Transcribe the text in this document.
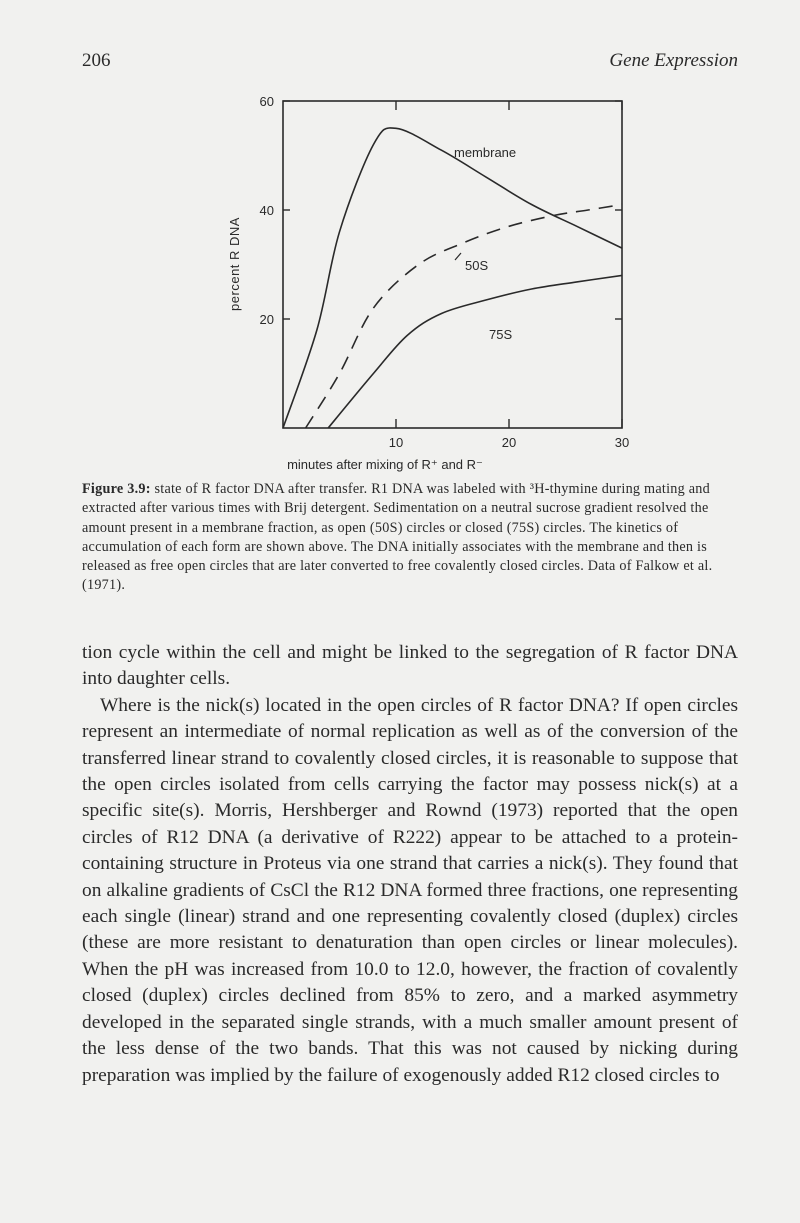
206	Gene Expression
percent R DNA
minutes after mixing of R⁺ and R⁻
20
40
60
10	20	30
membrane
50S
75S
Figure 3.9: state of R factor DNA after transfer. R1 DNA was labeled with ³H-thymine during mating and extracted after various times with Brij detergent. Sedimentation on a neutral sucrose gradient resolved the amount present in a membrane fraction, as open (50S) circles or closed (75S) circles. The kinetics of accumulation of each form are shown above. The DNA initially associates with the membrane and then is released as free open circles that are later converted to free covalently closed circles. Data of Falkow et al. (1971).

tion cycle within the cell and might be linked to the segregation of R factor DNA into daughter cells.

Where is the nick(s) located in the open circles of R factor DNA? If open circles represent an intermediate of normal replication as well as of the conversion of the transferred linear strand to covalently closed circles, it is reasonable to suppose that the open circles isolated from cells carrying the factor may possess nick(s) at a specific site(s). Morris, Hershberger and Rownd (1973) reported that the open circles of R12 DNA (a derivative of R222) appear to be attached to a protein-containing structure in Proteus via one strand that carries a nick(s). They found that on alkaline gradients of CsCl the R12 DNA formed three fractions, one representing each single (linear) strand and one representing covalently closed (duplex) circles (these are more resistant to denaturation than open circles or linear molecules). When the pH was increased from 10.0 to 12.0, however, the fraction of covalently closed (duplex) circles declined from 85% to zero, and a marked asymmetry developed in the separated single strands, with a much smaller amount present of the less dense of the two bands. That this was not caused by nicking during preparation was implied by the failure of exogenously added R12 closed circles to
